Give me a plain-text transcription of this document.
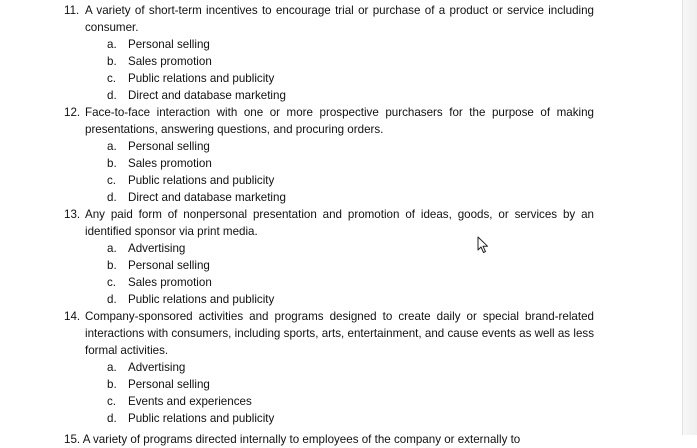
11. A variety of short-term incentives to encourage trial or purchase of a product or service including consumer.
a. Personal selling
b. Sales promotion
c.	Public relations and publicity
d. Direct and database marketing
12. Face-to-face interaction with one or more prospective purchasers for the purpose of making presentations, answering questions, and procuring orders.
a. Personal selling
b. Sales promotion
c.	Public relations and publicity
d. Direct and database marketing
13. Any paid form of nonpersonal presentation and promotion of ideas, goods, or services by an identified sponsor via print media.
a. Advertising
b. Personal selling
c.	Sales promotion
d. Public relations and publicity
14. Company-sponsored activities and programs designed to create daily or special brand-related interactions with consumers, including sports, arts, entertainment, and cause events as well as less formal activities.
a. Advertising
b. Personal selling
c.	Events and experiences
d. Public relations and publicity
15. A variety of programs directed internally to employees of the company or externally to
